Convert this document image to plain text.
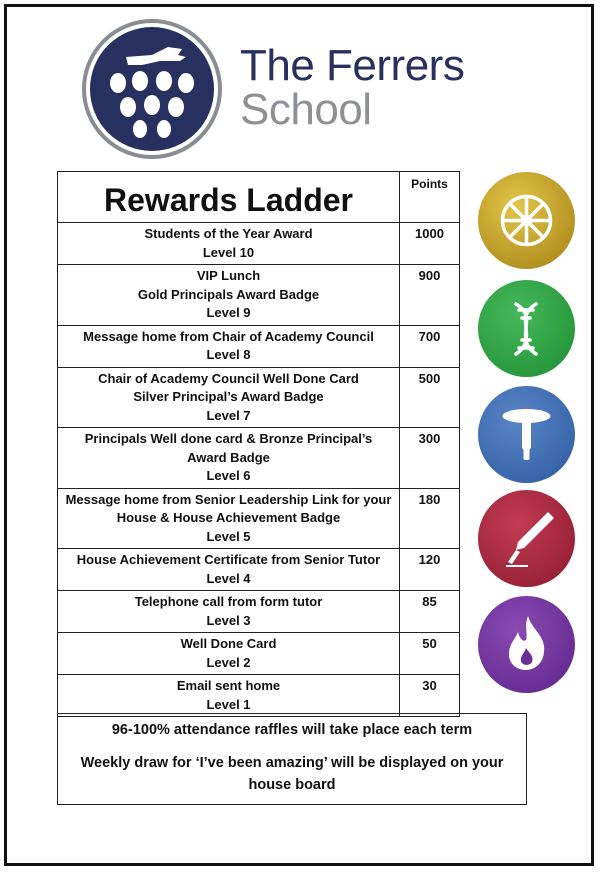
The Ferrers
School
Rewards Ladder	Points

Students of the Year Award
Level 10	1000

VIP Lunch
Gold Principals Award Badge
Level 9	900

Message home from Chair of Academy Council
Level 8	700

Chair of Academy Council Well Done Card
Silver Principal’s Award Badge
Level 7	500

Principals Well done card & Bronze Principal’s
Award Badge
Level 6	300

Message home from Senior Leadership Link for your
House & House Achievement Badge
Level 5	180

House Achievement Certificate from Senior Tutor
Level 4	120

Telephone call from form tutor
Level 3	85

Well Done Card
Level 2	50

Email sent home
Level 1	30
96-100% attendance raffles will take place each term
Weekly draw for ‘I’ve been amazing’ will be displayed on your house board
